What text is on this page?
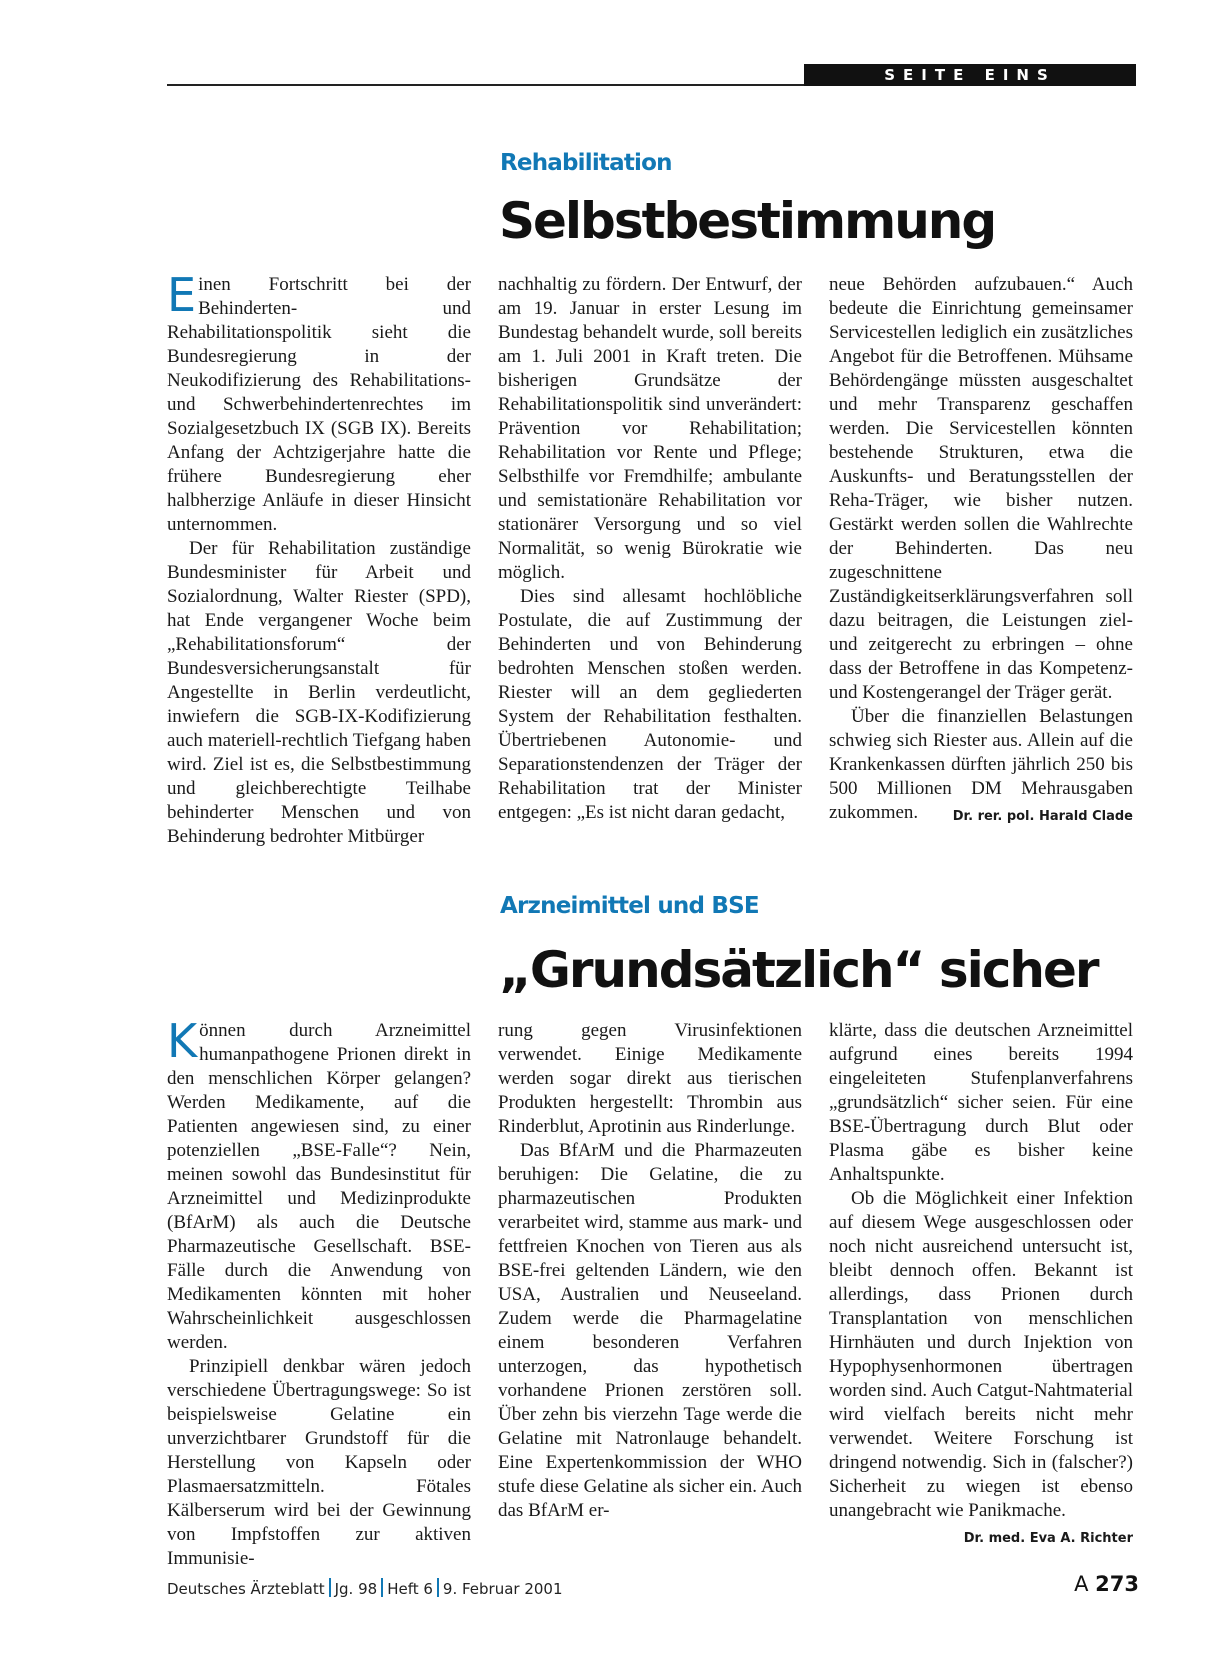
SEITE EINS
Rehabilitation
Selbstbestimmung

Einen Fortschritt bei der Behinderten- und Rehabilitationspolitik sieht die Bundesregierung in der Neukodifizierung des Rehabilitations- und Schwerbehindertenrechtes im Sozialgesetzbuch IX (SGB IX). Bereits Anfang der Achtzigerjahre hatte die frühere Bundesregierung eher halbherzige Anläufe in dieser Hinsicht unternommen.

Der für Rehabilitation zuständige Bundesminister für Arbeit und Sozialordnung, Walter Riester (SPD), hat Ende vergangener Woche beim „Rehabilitationsforum“ der Bundesversicherungsanstalt für Angestellte in Berlin verdeutlicht, inwiefern die SGB-IX-Kodifizierung auch materiell-rechtlich Tiefgang haben wird. Ziel ist es, die Selbstbestimmung und gleichberechtigte Teilhabe behinderter Menschen und von Behinderung bedrohter Mitbürger

nachhaltig zu fördern. Der Entwurf, der am 19. Januar in erster Lesung im Bundestag behandelt wurde, soll bereits am 1. Juli 2001 in Kraft treten. Die bisherigen Grundsätze der Rehabilitationspolitik sind unverändert: Prävention vor Rehabilitation; Rehabilitation vor Rente und Pflege; Selbsthilfe vor Fremdhilfe; ambulante und semistationäre Rehabilitation vor stationärer Versorgung und so viel Normalität, so wenig Bürokratie wie möglich.

Dies sind allesamt hochlöbliche Postulate, die auf Zustimmung der Behinderten und von Behinderung bedrohten Menschen stoßen werden. Riester will an dem gegliederten System der Rehabilitation festhalten. Übertriebenen Autonomie- und Separationstendenzen der Träger der Rehabilitation trat der Minister entgegen: „Es ist nicht daran gedacht,

neue Behörden aufzubauen.“ Auch bedeute die Einrichtung gemeinsamer Servicestellen lediglich ein zusätzliches Angebot für die Betroffenen. Mühsame Behördengänge müssten ausgeschaltet und mehr Transparenz geschaffen werden. Die Servicestellen könnten bestehende Strukturen, etwa die Auskunfts- und Beratungsstellen der Reha-Träger, wie bisher nutzen. Gestärkt werden sollen die Wahlrechte der Behinderten. Das neu zugeschnittene Zuständigkeitserklärungsverfahren soll dazu beitragen, die Leistungen ziel- und zeitgerecht zu erbringen – ohne dass der Betroffene in das Kompetenz- und Kostengerangel der Träger gerät.

Über die finanziellen Belastungen schwieg sich Riester aus. Allein auf die Krankenkassen dürften jährlich 250 bis 500 Millionen DM Mehrausgaben zukommen.	Dr. rer. pol. Harald Clade

Arzneimittel und BSE
„Grundsätzlich“ sicher

Können durch Arzneimittel humanpathogene Prionen direkt in den menschlichen Körper gelangen? Werden Medikamente, auf die Patienten angewiesen sind, zu einer potenziellen „BSE-Falle“? Nein, meinen sowohl das Bundesinstitut für Arzneimittel und Medizinprodukte (BfArM) als auch die Deutsche Pharmazeutische Gesellschaft. BSE-Fälle durch die Anwendung von Medikamenten könnten mit hoher Wahrscheinlichkeit ausgeschlossen werden.

Prinzipiell denkbar wären jedoch verschiedene Übertragungswege: So ist beispielsweise Gelatine ein unverzichtbarer Grundstoff für die Herstellung von Kapseln oder Plasmaersatzmitteln. Fötales Kälberserum wird bei der Gewinnung von Impfstoffen zur aktiven Immunisie-

rung gegen Virusinfektionen verwendet. Einige Medikamente werden sogar direkt aus tierischen Produkten hergestellt: Thrombin aus Rinderblut, Aprotinin aus Rinderlunge.

Das BfArM und die Pharmazeuten beruhigen: Die Gelatine, die zu pharmazeutischen Produkten verarbeitet wird, stamme aus mark- und fettfreien Knochen von Tieren aus als BSE-frei geltenden Ländern, wie den USA, Australien und Neuseeland. Zudem werde die Pharmagelatine einem besonderen Verfahren unterzogen, das hypothetisch vorhandene Prionen zerstören soll. Über zehn bis vierzehn Tage werde die Gelatine mit Natronlauge behandelt. Eine Expertenkommission der WHO stufe diese Gelatine als sicher ein. Auch das BfArM er-

klärte, dass die deutschen Arzneimittel aufgrund eines bereits 1994 eingeleiteten Stufenplanverfahrens „grundsätzlich“ sicher seien. Für eine BSE-Übertragung durch Blut oder Plasma gäbe es bisher keine Anhaltspunkte.

Ob die Möglichkeit einer Infektion auf diesem Wege ausgeschlossen oder noch nicht ausreichend untersucht ist, bleibt dennoch offen. Bekannt ist allerdings, dass Prionen durch Transplantation von menschlichen Hirnhäuten und durch Injektion von Hypophysenhormonen übertragen worden sind. Auch Catgut-Nahtmaterial wird vielfach bereits nicht mehr verwendet. Weitere Forschung ist dringend notwendig. Sich in (falscher?) Sicherheit zu wiegen ist ebenso unangebracht wie Panikmache.
Dr. med. Eva A. Richter

Deutsches Ärzteblatt Jg. 98 Heft 6 9. Februar 2001	A 273
